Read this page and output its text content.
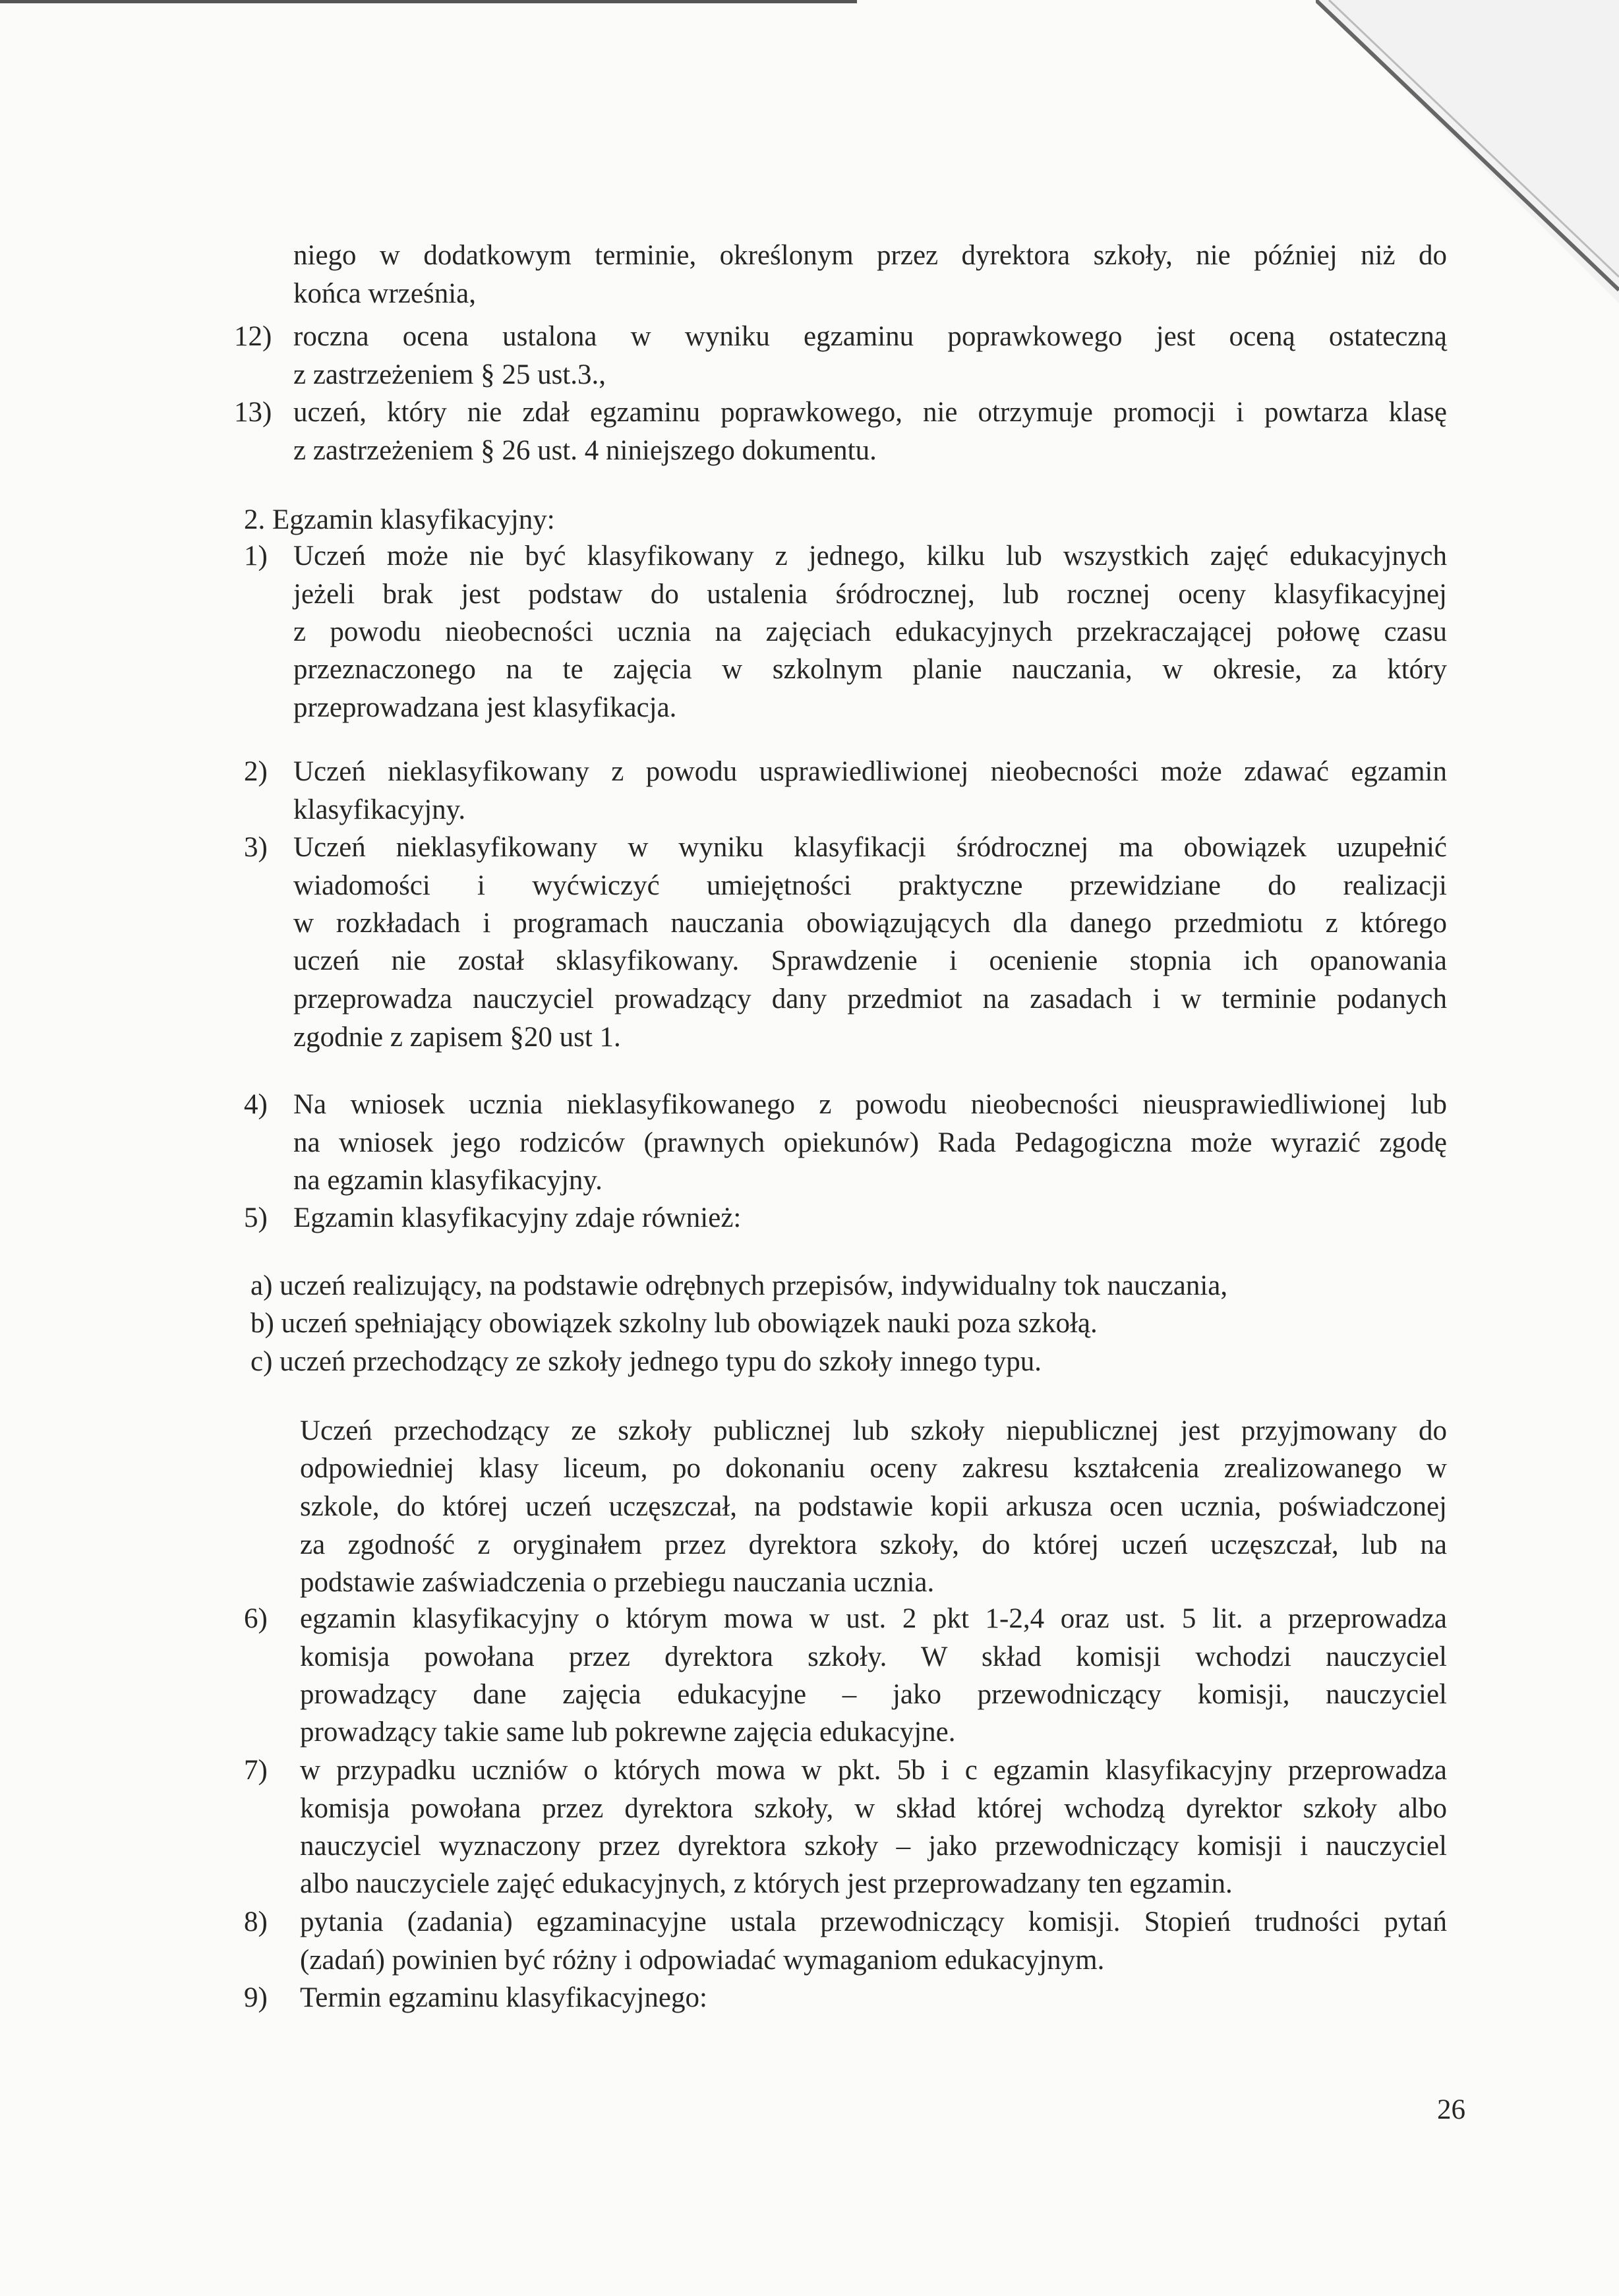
niego w dodatkowym terminie, określonym przez dyrektora szkoły, nie później niż do
końca września,
12) roczna ocena ustalona w wyniku egzaminu poprawkowego jest oceną ostateczną
z zastrzeżeniem § 25 ust.3.,
13) uczeń, który nie zdał egzaminu poprawkowego, nie otrzymuje promocji i powtarza klasę
z zastrzeżeniem § 26 ust. 4 niniejszego dokumentu.
2. Egzamin klasyfikacyjny:
1) Uczeń może nie być klasyfikowany z jednego, kilku lub wszystkich zajęć edukacyjnych
jeżeli brak jest podstaw do ustalenia śródrocznej, lub rocznej oceny klasyfikacyjnej
z powodu nieobecności ucznia na zajęciach edukacyjnych przekraczającej połowę czasu
przeznaczonego na te zajęcia w szkolnym planie nauczania, w okresie, za który
przeprowadzana jest klasyfikacja.
2) Uczeń nieklasyfikowany z powodu usprawiedliwionej nieobecności może zdawać egzamin
klasyfikacyjny.
3) Uczeń nieklasyfikowany w wyniku klasyfikacji śródrocznej ma obowiązek uzupełnić
wiadomości i wyćwiczyć umiejętności praktyczne przewidziane do realizacji
w rozkładach i programach nauczania obowiązujących dla danego przedmiotu z którego
uczeń nie został sklasyfikowany. Sprawdzenie i ocenienie stopnia ich opanowania
przeprowadza nauczyciel prowadzący dany przedmiot na zasadach i w terminie podanych
zgodnie z zapisem §20 ust 1.
4) Na wniosek ucznia nieklasyfikowanego z powodu nieobecności nieusprawiedliwionej lub
na wniosek jego rodziców (prawnych opiekunów) Rada Pedagogiczna może wyrazić zgodę
na egzamin klasyfikacyjny.
5) Egzamin klasyfikacyjny zdaje również:
a) uczeń realizujący, na podstawie odrębnych przepisów, indywidualny tok nauczania,
b) uczeń spełniający obowiązek szkolny lub obowiązek nauki poza szkołą.
c) uczeń przechodzący ze szkoły jednego typu do szkoły innego typu.
Uczeń przechodzący ze szkoły publicznej lub szkoły niepublicznej jest przyjmowany do
odpowiedniej klasy liceum, po dokonaniu oceny zakresu kształcenia zrealizowanego w
szkole, do której uczeń uczęszczał, na podstawie kopii arkusza ocen ucznia, poświadczonej
za zgodność z oryginałem przez dyrektora szkoły, do której uczeń uczęszczał, lub na
podstawie zaświadczenia o przebiegu nauczania ucznia.
6) egzamin klasyfikacyjny o którym mowa w ust. 2 pkt 1-2,4 oraz ust. 5 lit. a przeprowadza
komisja powołana przez dyrektora szkoły. W skład komisji wchodzi nauczyciel
prowadzący dane zajęcia edukacyjne – jako przewodniczący komisji, nauczyciel
prowadzący takie same lub pokrewne zajęcia edukacyjne.
7) w przypadku uczniów o których mowa w pkt. 5b i c egzamin klasyfikacyjny przeprowadza
komisja powołana przez dyrektora szkoły, w skład której wchodzą dyrektor szkoły albo
nauczyciel wyznaczony przez dyrektora szkoły – jako przewodniczący komisji i nauczyciel
albo nauczyciele zajęć edukacyjnych, z których jest przeprowadzany ten egzamin.
8) pytania (zadania) egzaminacyjne ustala przewodniczący komisji. Stopień trudności pytań
(zadań) powinien być różny i odpowiadać wymaganiom edukacyjnym.
9) Termin egzaminu klasyfikacyjnego:
26
